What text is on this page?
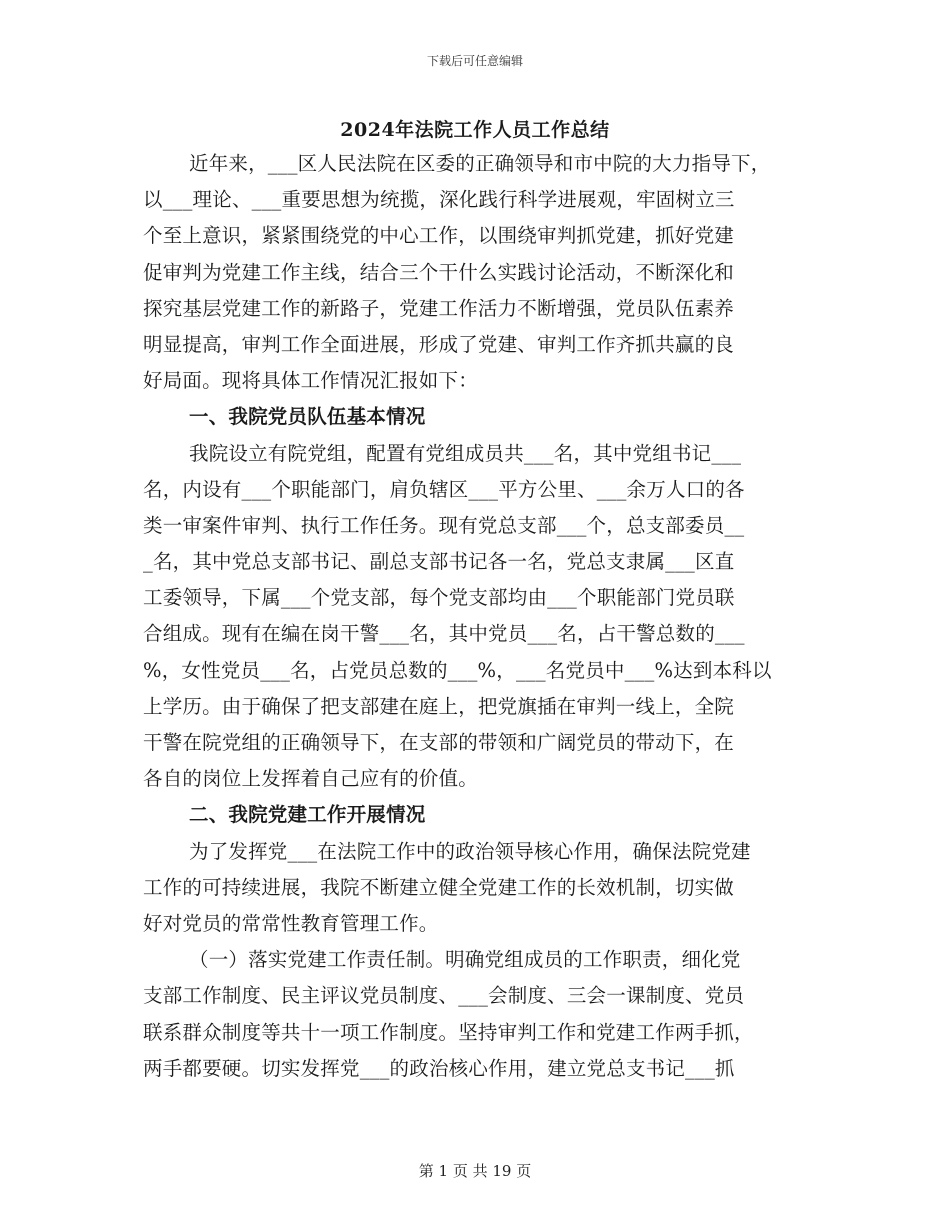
下载后可任意编辑
2024年法院工作人员工作总结
近年来，___区人民法院在区委的正确领导和市中院的大力指导下，
以___理论、___重要思想为统揽，深化践行科学进展观，牢固树立三
个至上意识，紧紧围绕党的中心工作，以围绕审判抓党建，抓好党建
促审判为党建工作主线，结合三个干什么实践讨论活动，不断深化和
探究基层党建工作的新路子，党建工作活力不断增强，党员队伍素养
明显提高，审判工作全面进展，形成了党建、审判工作齐抓共赢的良
好局面。现将具体工作情况汇报如下：
一、我院党员队伍基本情况
我院设立有院党组，配置有党组成员共___名，其中党组书记___
名，内设有___个职能部门，肩负辖区___平方公里、___余万人口的各
类一审案件审判、执行工作任务。现有党总支部___个，总支部委员__
_名，其中党总支部书记、副总支部书记各一名，党总支隶属___区直
工委领导，下属___个党支部，每个党支部均由___个职能部门党员联
合组成。现有在编在岗干警___名，其中党员___名，占干警总数的___
%，女性党员___名，占党员总数的___%，___名党员中___%达到本科以
上学历。由于确保了把支部建在庭上，把党旗插在审判一线上，全院
干警在院党组的正确领导下，在支部的带领和广阔党员的带动下，在
各自的岗位上发挥着自己应有的价值。
二、我院党建工作开展情况
为了发挥党___在法院工作中的政治领导核心作用，确保法院党建
工作的可持续进展，我院不断建立健全党建工作的长效机制，切实做
好对党员的常常性教育管理工作。
（一）落实党建工作责任制。明确党组成员的工作职责，细化党
支部工作制度、民主评议党员制度、___会制度、三会一课制度、党员
联系群众制度等共十一项工作制度。坚持审判工作和党建工作两手抓，
两手都要硬。切实发挥党___的政治核心作用，建立党总支书记___抓
第 1 页 共 19 页
